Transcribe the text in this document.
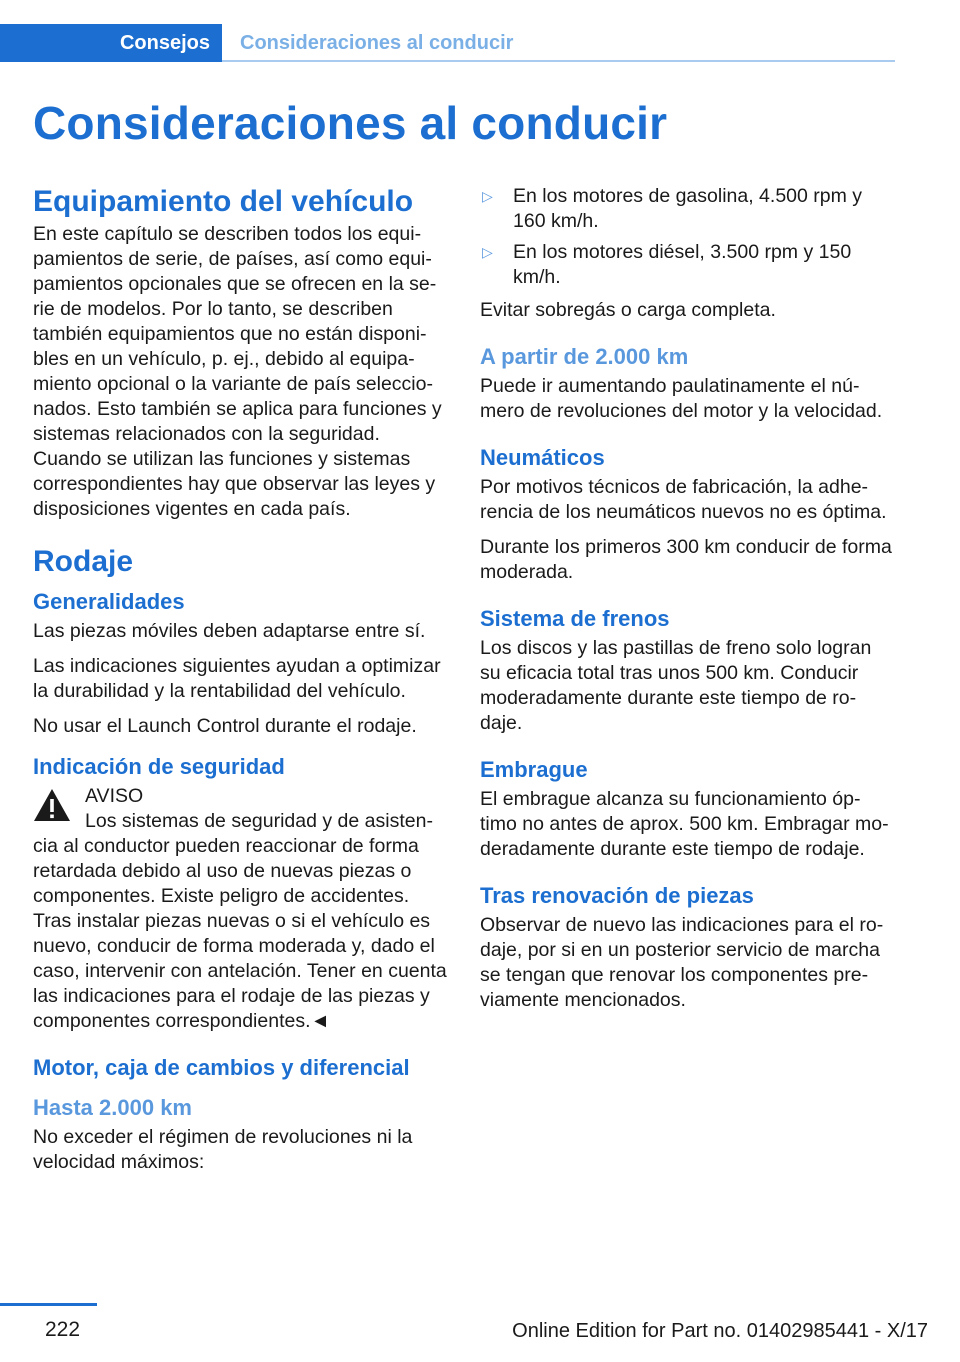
Consejos	Consideraciones al conducir
Consideraciones al conducir
Equipamiento del vehículo

En este capítulo se describen todos los equi-pamientos de serie, de países, así como equi-pamientos opcionales que se ofrecen en la se-rie de modelos. Por lo tanto, se describen también equipamientos que no están disponi-bles en un vehículo, p. ej., debido al equipa-miento opcional o la variante de país seleccio-nados. Esto también se aplica para funciones y sistemas relacionados con la seguridad.

Cuando se utilizan las funciones y sistemas correspondientes hay que observar las leyes y disposiciones vigentes en cada país.

Rodaje
Generalidades

Las piezas móviles deben adaptarse entre sí.

Las indicaciones siguientes ayudan a optimizar la durabilidad y la rentabilidad del vehículo.

No usar el Launch Control durante el rodaje.

Indicación de seguridad
AVISO
Los sistemas de seguridad y de asisten-

cia al conductor pueden reaccionar de forma retardada debido al uso de nuevas piezas o componentes. Existe peligro de accidentes. Tras instalar piezas nuevas o si el vehículo es nuevo, conducir de forma moderada y, dado el caso, intervenir con antelación. Tener en cuenta las indicaciones para el rodaje de las piezas y componentes correspondientes.◄

Motor, caja de cambios y diferencial
Hasta 2.000 km

No exceder el régimen de revoluciones ni la velocidad máximos:

▷ En los motores de gasolina, 4.500 rpm y 160 km/h.
▷ En los motores diésel, 3.500 rpm y 150 km/h.

Evitar sobregás o carga completa.

A partir de 2.000 km

Puede ir aumentando paulatinamente el nú-mero de revoluciones del motor y la velocidad.

Neumáticos

Por motivos técnicos de fabricación, la adhe-rencia de los neumáticos nuevos no es óptima.

Durante los primeros 300 km conducir de forma moderada.

Sistema de frenos

Los discos y las pastillas de freno solo logran su eficacia total tras unos 500 km. Conducir moderadamente durante este tiempo de ro-daje.

Embrague

El embrague alcanza su funcionamiento óp-timo no antes de aprox. 500 km. Embragar mo-deradamente durante este tiempo de rodaje.

Tras renovación de piezas

Observar de nuevo las indicaciones para el ro-daje, por si en un posterior servicio de marcha se tengan que renovar los componentes pre-viamente mencionados.

222	Online Edition for Part no. 01402985441 - X/17
